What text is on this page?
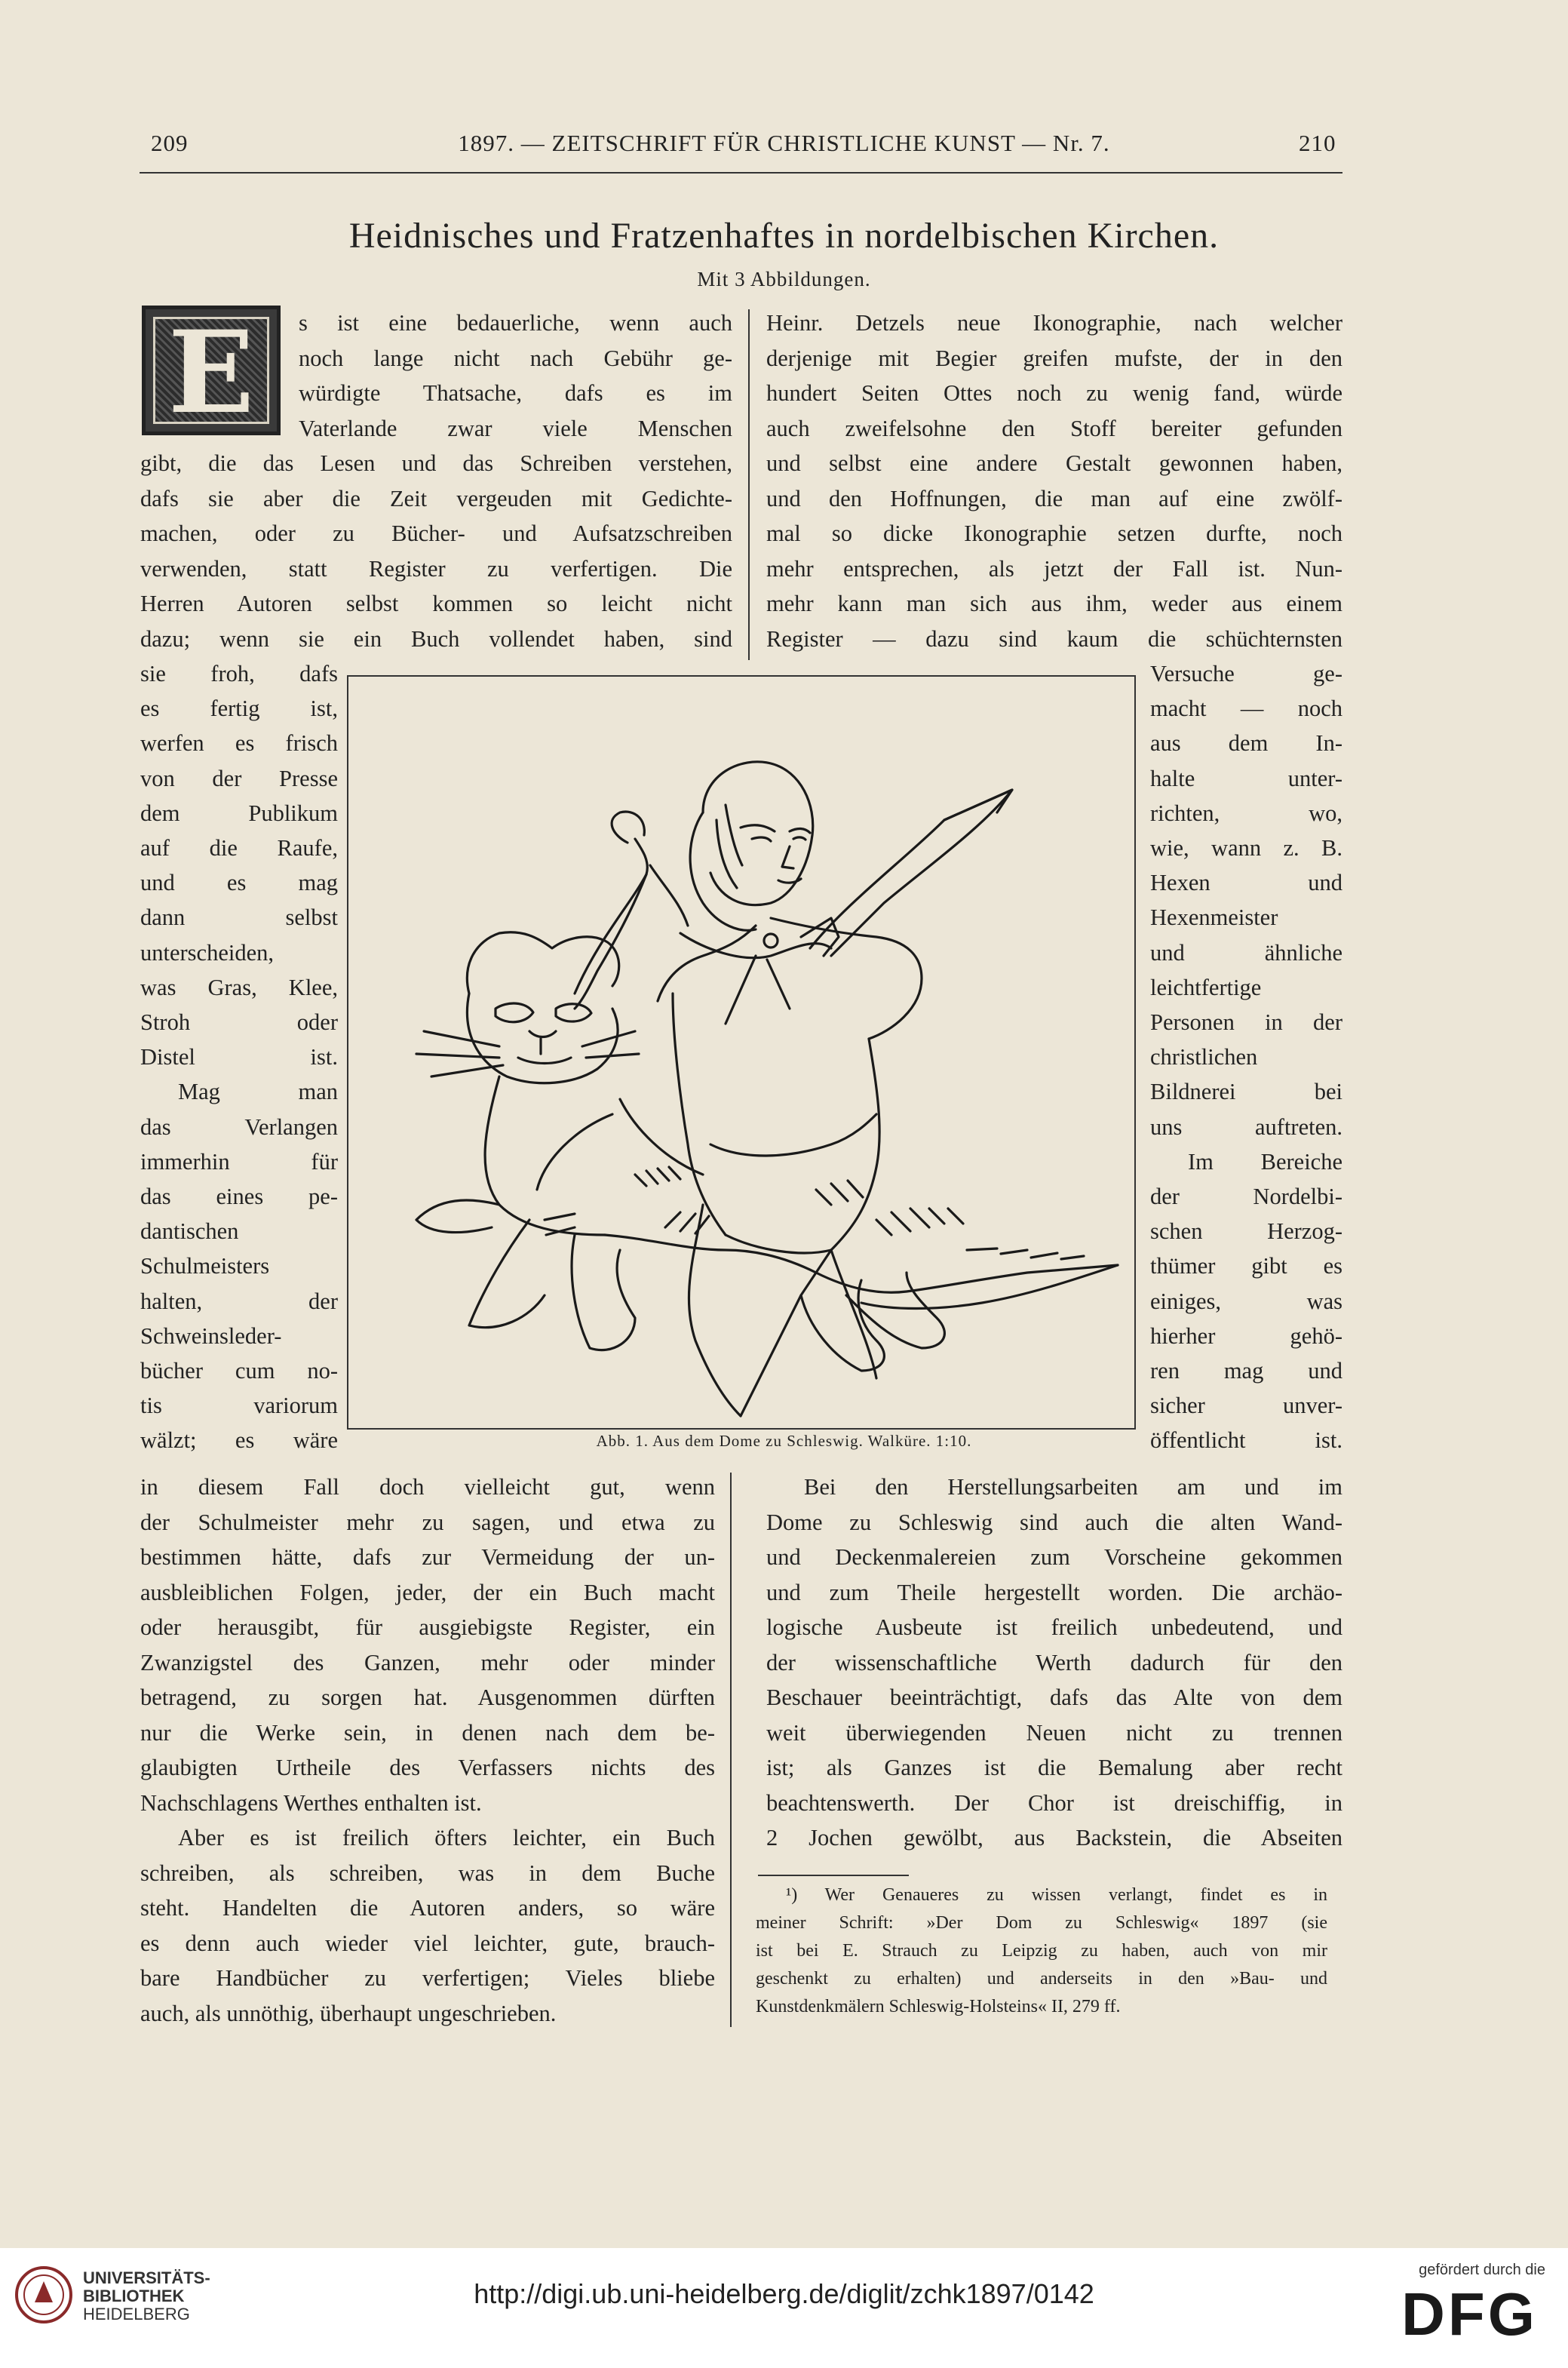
209	1897. — ZEITSCHRIFT FÜR CHRISTLICHE KUNST — Nr. 7.	210
Heidnisches und Fratzenhaftes in nordelbischen Kirchen.
Mit 3 Abbildungen.
E	s ist eine bedauerliche, wenn auch
noch lange nicht nach Gebühr ge-
würdigte Thatsache, dafs es im
Vaterlande zwar viele Menschen
gibt, die das Lesen und das Schreiben verstehen,
dafs sie aber die Zeit vergeuden mit Gedichte-
machen, oder zu Bücher- und Aufsatzschreiben
verwenden, statt Register zu verfertigen. Die
Herren Autoren selbst kommen so leicht nicht
dazu; wenn sie ein Buch vollendet haben, sind
Heinr. Detzels neue Ikonographie, nach welcher
derjenige mit Begier greifen mufste, der in den
hundert Seiten Ottes noch zu wenig fand, würde
auch zweifelsohne den Stoff bereiter gefunden
und selbst eine andere Gestalt gewonnen haben,
und den Hoffnungen, die man auf eine zwölf-
mal so dicke Ikonographie setzen durfte, noch
mehr entsprechen, als jetzt der Fall ist. Nun-
mehr kann man sich aus ihm, weder aus einem
Register — dazu sind kaum die schüchternsten
sie froh, dafs
es fertig ist,
werfen es frisch
von der Presse
dem Publikum
auf die Raufe,
und es mag
dann selbst
unterscheiden,
was Gras, Klee,
Stroh oder
Distel ist.
Mag man
das Verlangen
immerhin für
das eines pe-
dantischen
Schulmeisters
halten, der
Schweinsleder-
bücher cum no-
tis variorum
wälzt; es wäre
Versuche ge-
macht — noch
aus dem In-
halte unter-
richten, wo,
wie, wann z. B.
Hexen und
Hexenmeister
und ähnliche
leichtfertige
Personen in der
christlichen
Bildnerei bei
uns auftreten.
Im Bereiche
der Nordelbi-
schen Herzog-
thümer gibt es
einiges, was
hierher gehö-
ren mag und
sicher unver-
öffentlicht ist.
in diesem Fall doch vielleicht gut, wenn
der Schulmeister mehr zu sagen, und etwa zu
bestimmen hätte, dafs zur Vermeidung der un-
ausbleiblichen Folgen, jeder, der ein Buch macht
oder herausgibt, für ausgiebigste Register, ein
Zwanzigstel des Ganzen, mehr oder minder
betragend, zu sorgen hat. Ausgenommen dürften
nur die Werke sein, in denen nach dem be-
glaubigten Urtheile des Verfassers nichts des
Nachschlagens Werthes enthalten ist.
Aber es ist freilich öfters leichter, ein Buch
schreiben, als schreiben, was in dem Buche
steht. Handelten die Autoren anders, so wäre
es denn auch wieder viel leichter, gute, brauch-
bare Handbücher zu verfertigen; Vieles bliebe
auch, als unnöthig, überhaupt ungeschrieben.
Bei den Herstellungsarbeiten am und im
Dome zu Schleswig sind auch die alten Wand-
und Deckenmalereien zum Vorscheine gekommen
und zum Theile hergestellt worden. Die archäo-
logische Ausbeute ist freilich unbedeutend, und
der wissenschaftliche Werth dadurch für den
Beschauer beeinträchtigt, dafs das Alte von dem
weit überwiegenden Neuen nicht zu trennen
ist; als Ganzes ist die Bemalung aber recht
beachtenswerth. Der Chor ist dreischiffig, in
2 Jochen gewölbt, aus Backstein, die Abseiten
Abb. 1. Aus dem Dome zu Schleswig. Walküre. 1:10.
¹) Wer Genaueres zu wissen verlangt, findet es in
meiner Schrift: »Der Dom zu Schleswig« 1897 (sie
ist bei E. Strauch zu Leipzig zu haben, auch von mir
geschenkt zu erhalten) und anderseits in den »Bau- und
Kunstdenkmälern Schleswig-Holsteins« II, 279 ff.
UNIVERSITÄTS-
BIBLIOTHEK
HEIDELBERG
http://digi.ub.uni-heidelberg.de/diglit/zchk1897/0142
gefördert durch die
DFG
